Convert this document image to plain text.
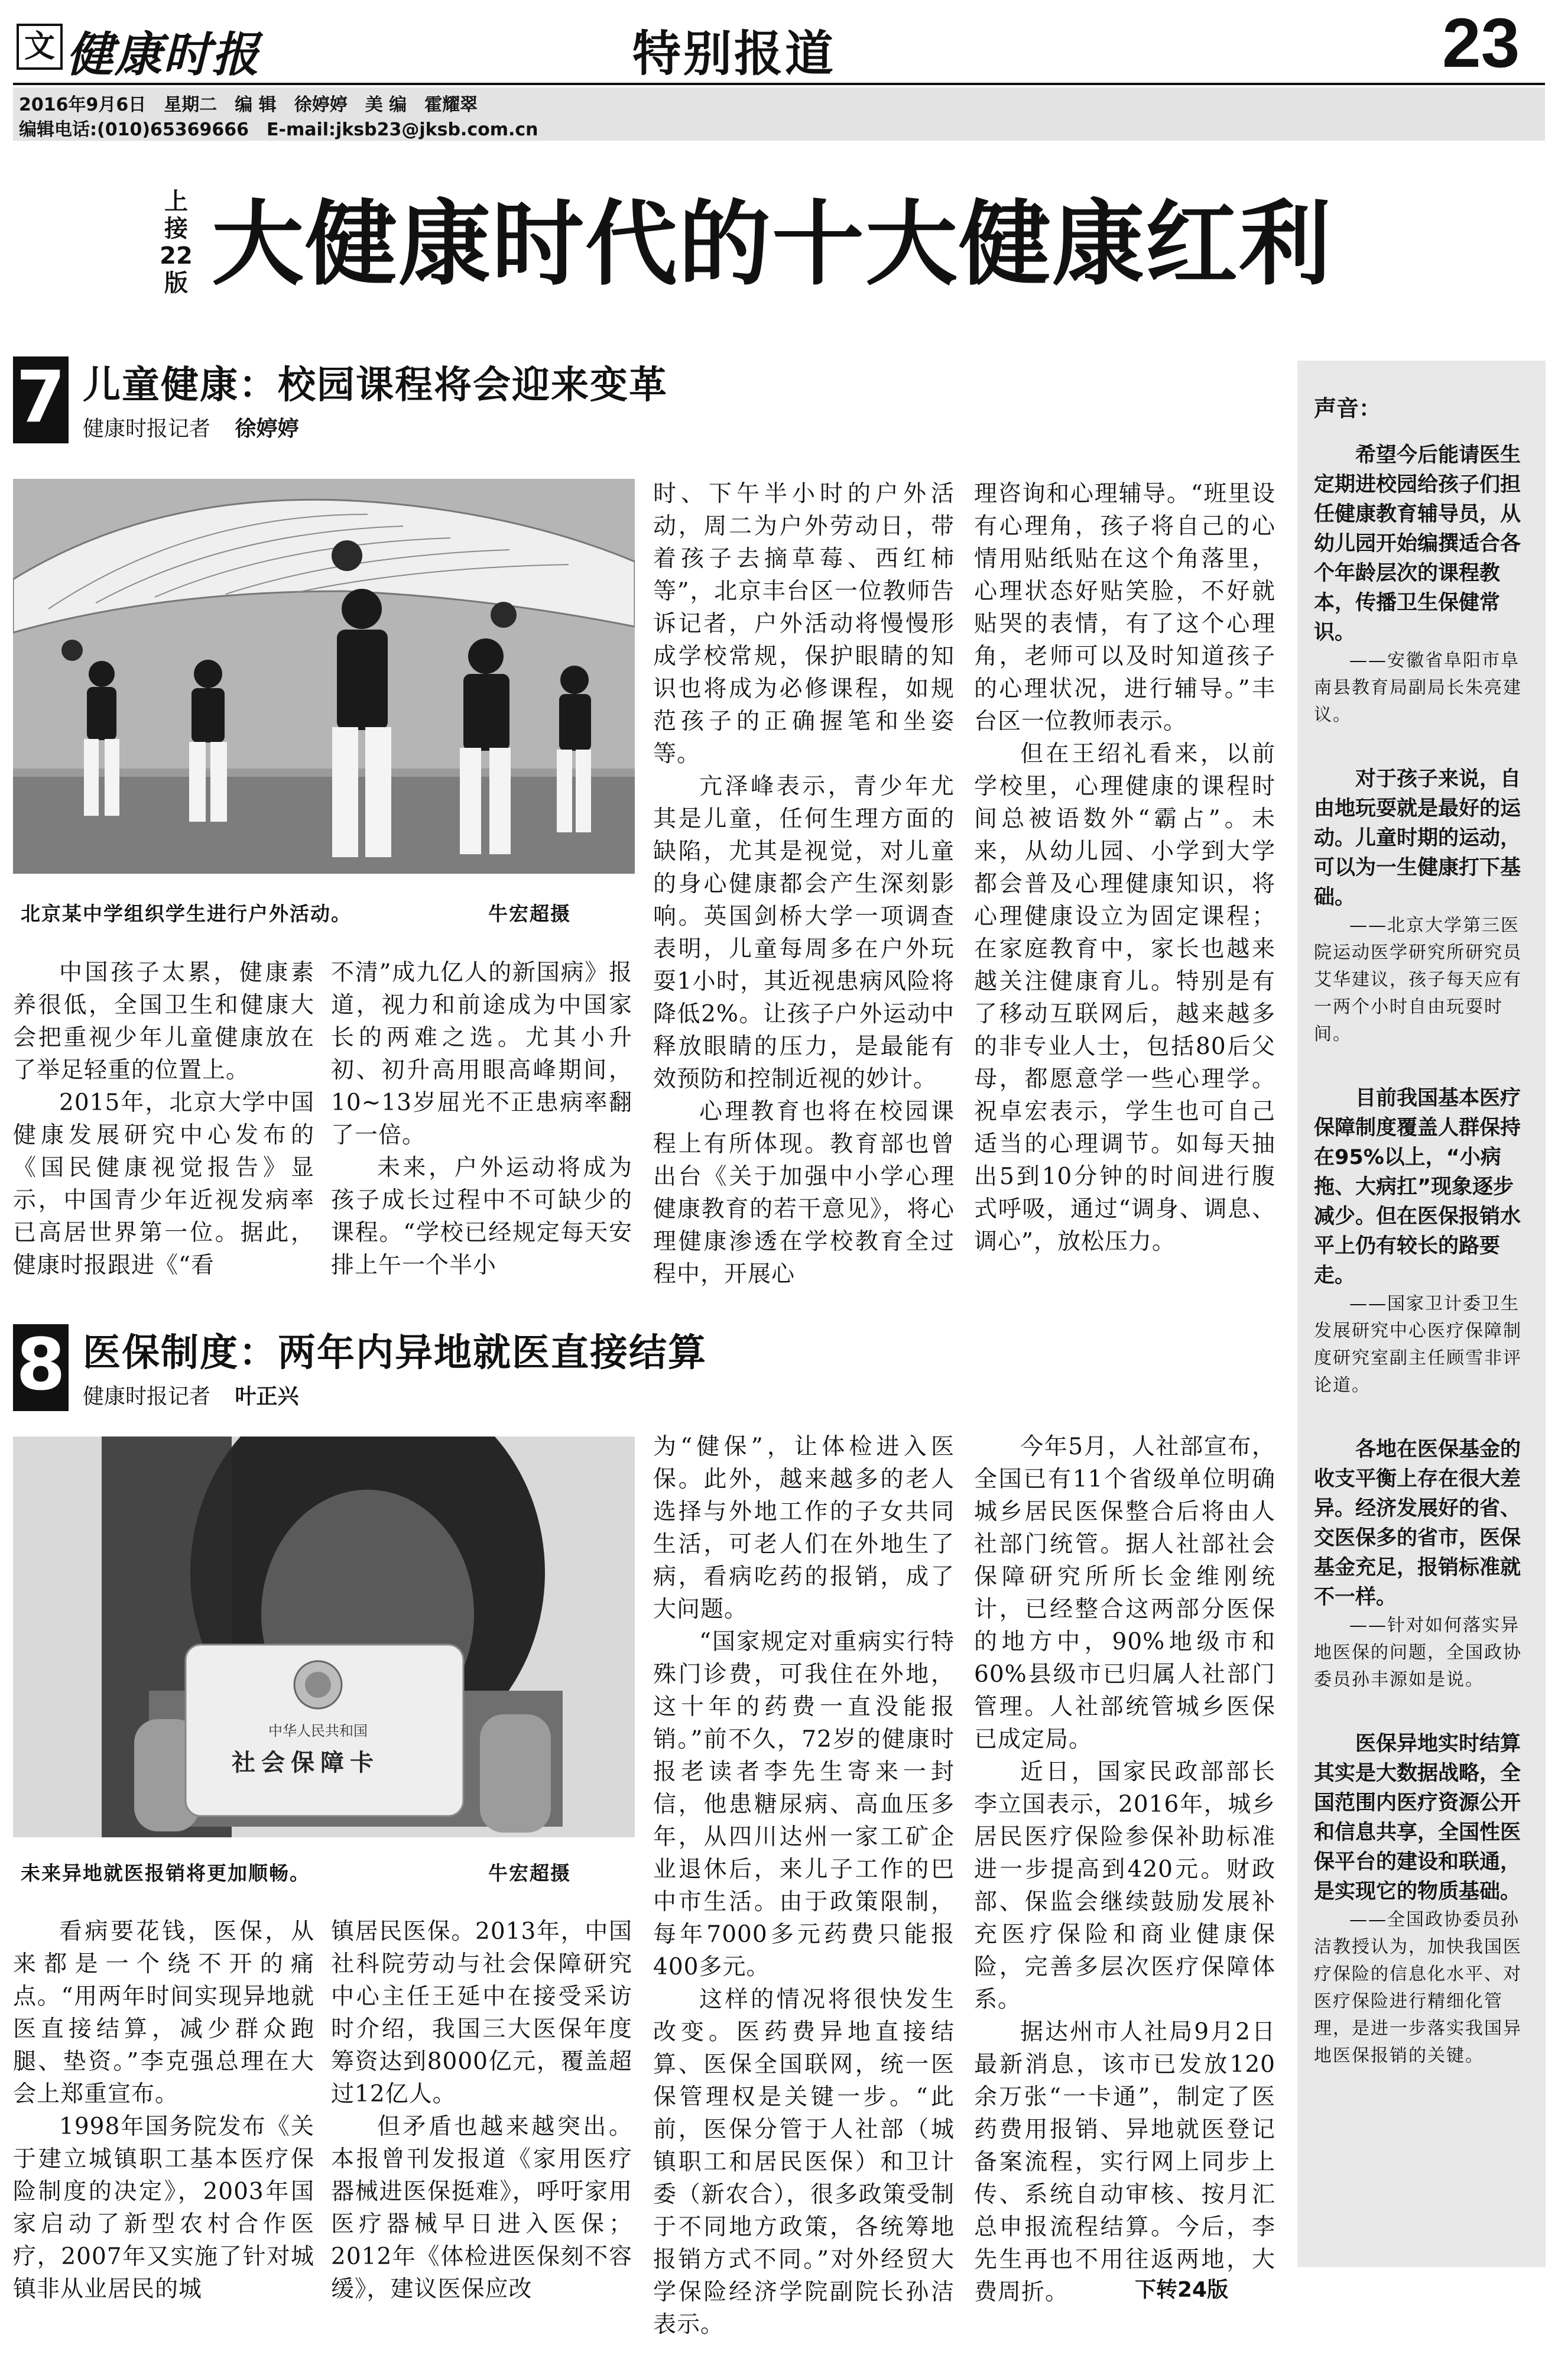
文 健康时报	特别报道	23
2016年9月6日　星期二　编 辑　徐婷婷　美 编　霍耀翠
编辑电话:(010)65369666　E-mail:jksb23@jksb.com.cn
上
接
22
版 大健康时代的十大健康红利
7 儿童健康：校园课程将会迎来变革
健康时报记者 徐婷婷
北京某中学组织学生进行户外活动。	牛宏超摄

中国孩子太累，健康素养很低，全国卫生和健康大会把重视少年儿童健康放在了举足轻重的位置上。

2015年，北京大学中国健康发展研究中心发布的《国民健康视觉报告》显示，中国青少年近视发病率已高居世界第一位。据此，健康时报跟进《“看

不清”成九亿人的新国病》报道，视力和前途成为中国家长的两难之选。尤其小升初、初升高用眼高峰期间，10~13岁屈光不正患病率翻了一倍。

未来，户外运动将成为孩子成长过程中不可缺少的课程。“学校已经规定每天安排上午一个半小

时、下午半小时的户外活动，周二为户外劳动日，带着孩子去摘草莓、西红柿等”，北京丰台区一位教师告诉记者，户外活动将慢慢形成学校常规，保护眼睛的知识也将成为必修课程，如规范孩子的正确握笔和坐姿等。

亢泽峰表示，青少年尤其是儿童，任何生理方面的缺陷，尤其是视觉，对儿童的身心健康都会产生深刻影响。英国剑桥大学一项调查表明，儿童每周多在户外玩耍1小时，其近视患病风险将降低2%。让孩子户外运动中释放眼睛的压力，是最能有效预防和控制近视的妙计。

心理教育也将在校园课程上有所体现。教育部也曾出台《关于加强中小学心理健康教育的若干意见》，将心理健康渗透在学校教育全过程中，开展心

理咨询和心理辅导。“班里设有心理角，孩子将自己的心情用贴纸贴在这个角落里，心理状态好贴笑脸，不好就贴哭的表情，有了这个心理角，老师可以及时知道孩子的心理状况，进行辅导。”丰台区一位教师表示。

但在王绍礼看来，以前学校里，心理健康的课程时间总被语数外“霸占”。未来，从幼儿园、小学到大学都会普及心理健康知识，将心理健康设立为固定课程；在家庭教育中，家长也越来越关注健康育儿。特别是有了移动互联网后，越来越多的非专业人士，包括80后父母，都愿意学一些心理学。祝卓宏表示，学生也可自己适当的心理调节。如每天抽出5到10分钟的时间进行腹式呼吸，通过“调身、调息、调心”，放松压力。

8 医保制度：两年内异地就医直接结算
健康时报记者 叶正兴
中华人民共和国
社会保障卡
未来异地就医报销将更加顺畅。	牛宏超摄

看病要花钱，医保，从来都是一个绕不开的痛点。“用两年时间实现异地就医直接结算，减少群众跑腿、垫资。”李克强总理在大会上郑重宣布。

1998年国务院发布《关于建立城镇职工基本医疗保险制度的决定》，2003年国家启动了新型农村合作医疗，2007年又实施了针对城镇非从业居民的城

镇居民医保。2013年，中国社科院劳动与社会保障研究中心主任王延中在接受采访时介绍，我国三大医保年度筹资达到8000亿元，覆盖超过12亿人。

但矛盾也越来越突出。本报曾刊发报道《家用医疗器械进医保挺难》，呼吁家用医疗器械早日进入医保；2012年《体检进医保刻不容缓》，建议医保应改

为“健保”，让体检进入医保。此外，越来越多的老人选择与外地工作的子女共同生活，可老人们在外地生了病，看病吃药的报销，成了大问题。

“国家规定对重病实行特殊门诊费，可我住在外地，这十年的药费一直没能报销。”前不久，72岁的健康时报老读者李先生寄来一封信，他患糖尿病、高血压多年，从四川达州一家工矿企业退休后，来儿子工作的巴中市生活。由于政策限制，每年7000多元药费只能报400多元。

这样的情况将很快发生改变。医药费异地直接结算、医保全国联网，统一医保管理权是关键一步。“此前，医保分管于人社部（城镇职工和居民医保）和卫计委（新农合），很多政策受制于不同地方政策，各统筹地报销方式不同。”对外经贸大学保险经济学院副院长孙洁表示。

今年5月，人社部宣布，全国已有11个省级单位明确城乡居民医保整合后将由人社部门统管。据人社部社会保障研究所所长金维刚统计，已经整合这两部分医保的地方中，90%地级市和60%县级市已归属人社部门管理。人社部统管城乡医保已成定局。

近日，国家民政部部长李立国表示，2016年，城乡居民医疗保险参保补助标准进一步提高到420元。财政部、保监会继续鼓励发展补充医疗保险和商业健康保险，完善多层次医疗保障体系。

据达州市人社局9月2日最新消息，该市已发放120余万张“一卡通”，制定了医药费用报销、异地就医登记备案流程，实行网上同步上传、系统自动审核、按月汇总申报流程结算。今后，李先生再也不用往返两地，大费周折。	下转24版
声音：

希望今后能请医生定期进校园给孩子们担任健康教育辅导员，从幼儿园开始编撰适合各个年龄层次的课程教本，传播卫生保健常识。

——安徽省阜阳市阜南县教育局副局长朱亮建议。

对于孩子来说，自由地玩耍就是最好的运动。儿童时期的运动，可以为一生健康打下基础。

——北京大学第三医院运动医学研究所研究员艾华建议，孩子每天应有一两个小时自由玩耍时间。

目前我国基本医疗保障制度覆盖人群保持在95%以上，“小病拖、大病扛”现象逐步减少。但在医保报销水平上仍有较长的路要走。

——国家卫计委卫生发展研究中心医疗保障制度研究室副主任顾雪非评论道。

各地在医保基金的收支平衡上存在很大差异。经济发展好的省、交医保多的省市，医保基金充足，报销标准就不一样。

——针对如何落实异地医保的问题，全国政协委员孙丰源如是说。

医保异地实时结算其实是大数据战略，全国范围内医疗资源公开和信息共享，全国性医保平台的建设和联通，是实现它的物质基础。

——全国政协委员孙洁教授认为，加快我国医疗保险的信息化水平、对医疗保险进行精细化管理，是进一步落实我国异地医保报销的关键。
